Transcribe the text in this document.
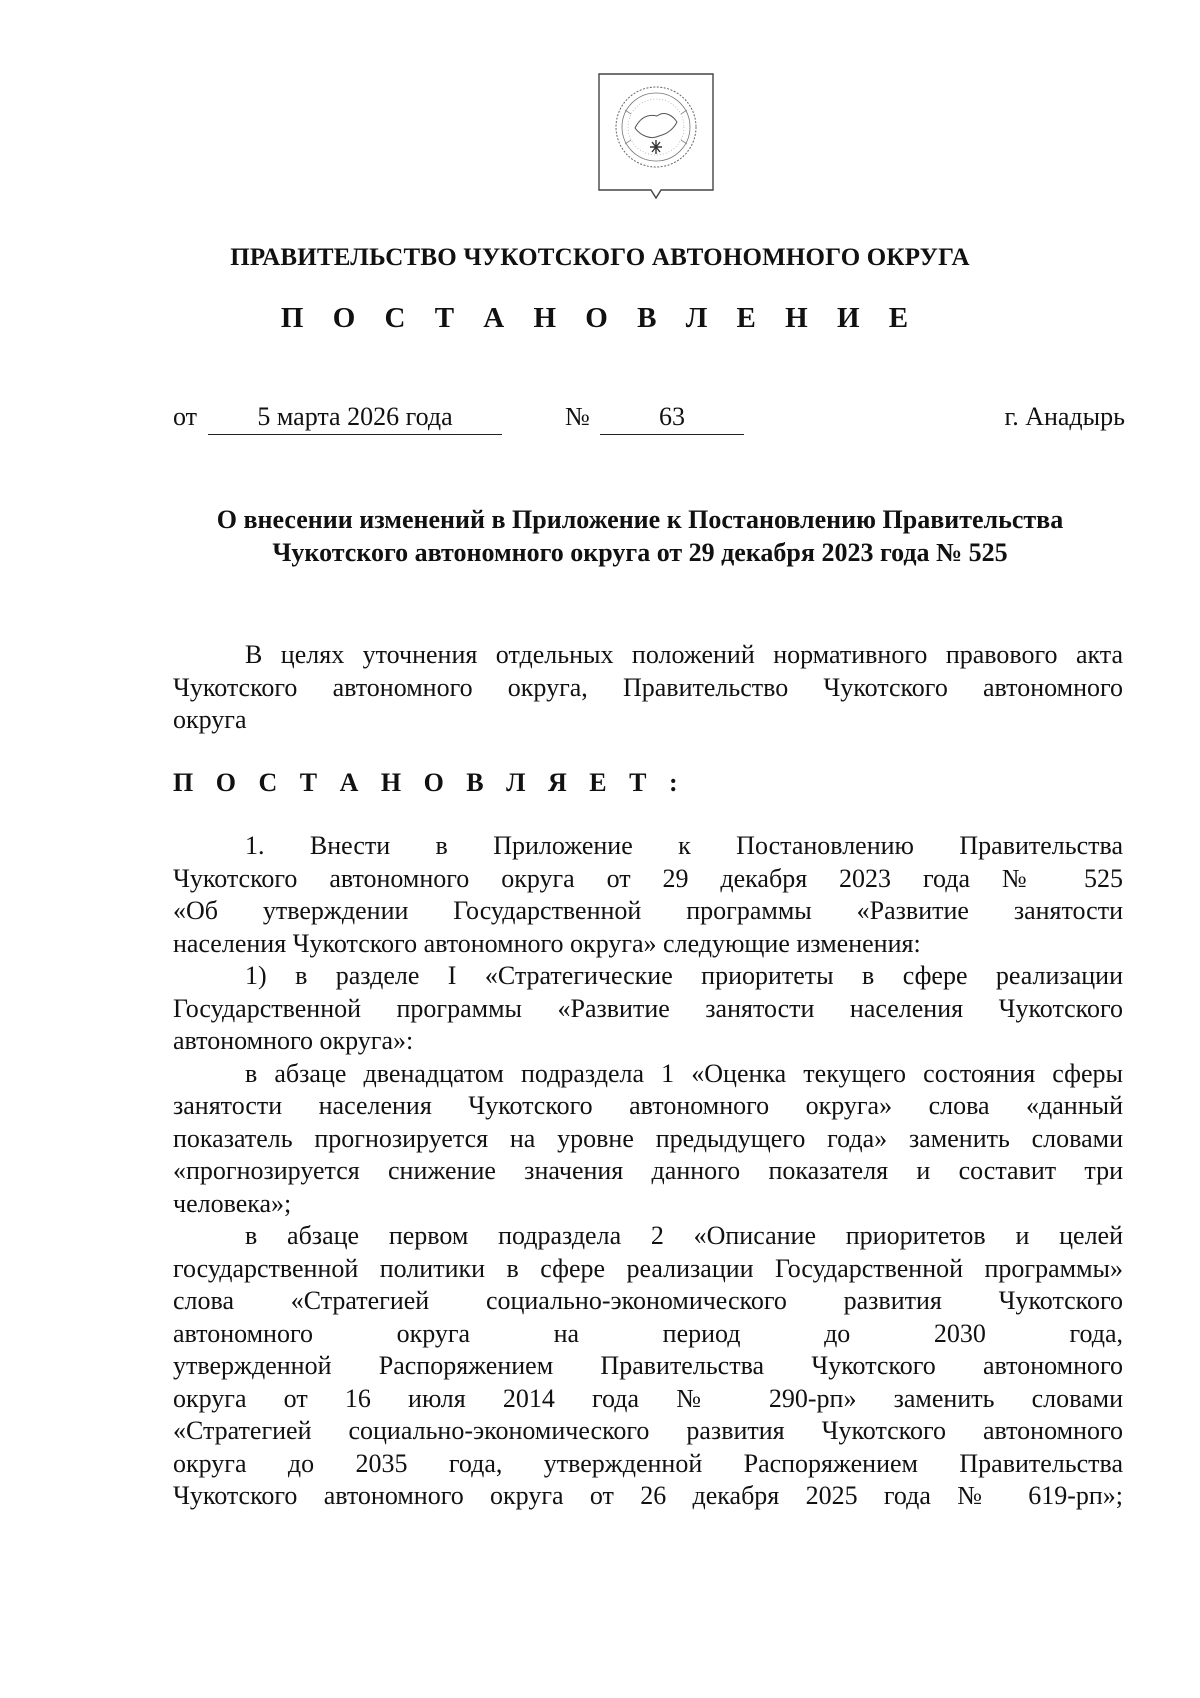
ПРАВИТЕЛЬСТВО ЧУКОТСКОГО АВТОНОМНОГО ОКРУГА
П О С Т А Н О В Л Е Н И Е
от	5 марта 2026 года	№	63	г. Анадырь
О внесении изменений в Приложение к Постановлению Правительства
Чукотского автономного округа от 29 декабря 2023 года № 525
В целях уточнения отдельных положений нормативного правового акта
Чукотского автономного округа, Правительство Чукотского автономного
округа
П О С Т А Н О В Л Я Е Т :
1. Внести в Приложение к Постановлению Правительства
Чукотского автономного округа от 29 декабря 2023 года № 525
«Об утверждении Государственной программы «Развитие занятости
населения Чукотского автономного округа» следующие изменения:
1) в разделе I «Стратегические приоритеты в сфере реализации
Государственной программы «Развитие занятости населения Чукотского
автономного округа»:
в абзаце двенадцатом подраздела 1 «Оценка текущего состояния сферы
занятости населения Чукотского автономного округа» слова «данный
показатель прогнозируется на уровне предыдущего года» заменить словами
«прогнозируется снижение значения данного показателя и составит три
человека»;
в абзаце первом подраздела 2 «Описание приоритетов и целей
государственной политики в сфере реализации Государственной программы»
слова «Стратегией социально-экономического развития Чукотского
автономного округа на период до 2030 года,
утвержденной Распоряжением Правительства Чукотского автономного
округа от 16 июля 2014 года № 290-рп» заменить словами
«Стратегией социально-экономического развития Чукотского автономного
округа до 2035 года, утвержденной Распоряжением Правительства
Чукотского автономного округа от 26 декабря 2025 года № 619-рп»;
